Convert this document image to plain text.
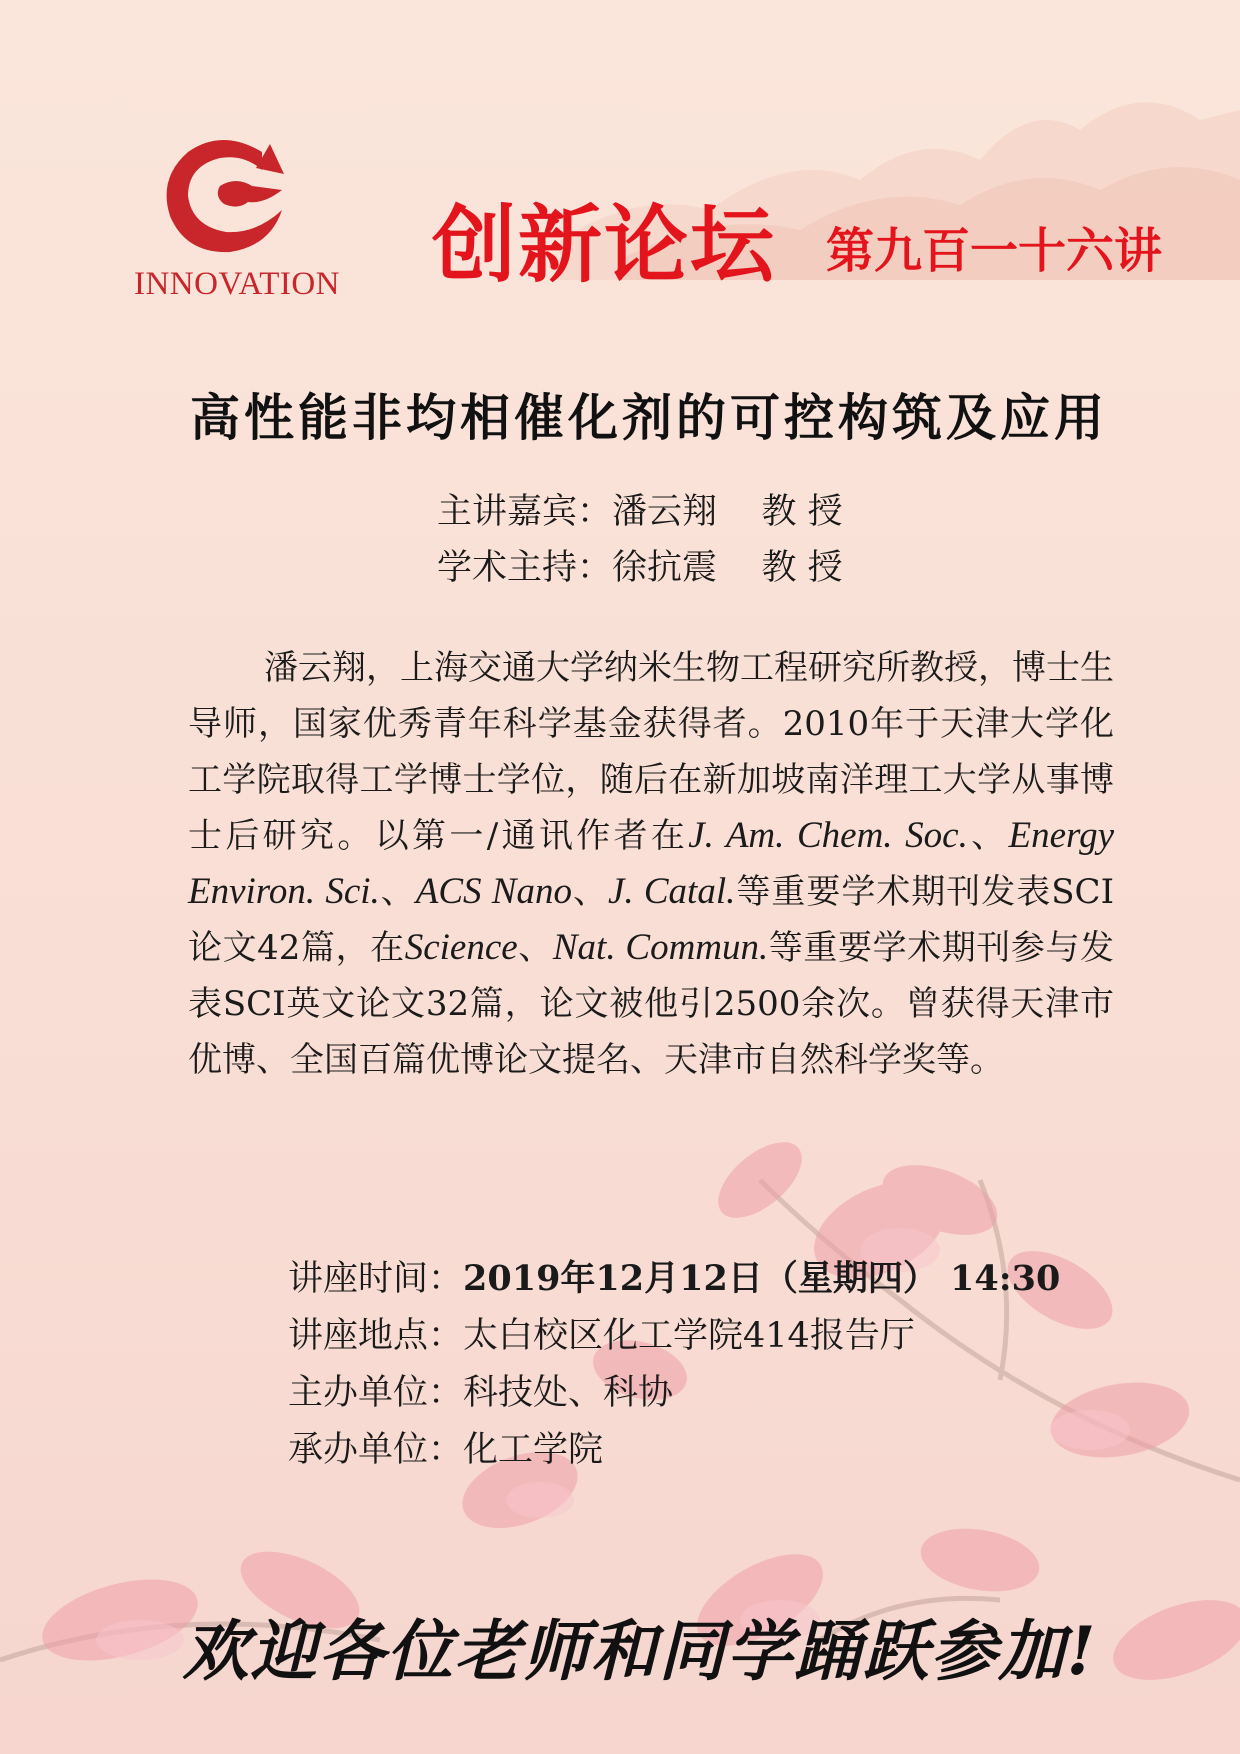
INNOVATION 创新论坛 第九百一十六讲
高性能非均相催化剂的可控构筑及应用
主讲嘉宾：潘云翔 教 授
学术主持：徐抗震 教 授
潘云翔，上海交通大学纳米生物工程研究所教授，博士生导师，国家优秀青年科学基金获得者。2010年于天津大学化工学院取得工学博士学位，随后在新加坡南洋理工大学从事博士后研究。以第一/通讯作者在J. Am. Chem. Soc.、Energy Environ. Sci.、ACS Nano、J. Catal.等重要学术期刊发表SCI论文42篇，在Science、Nat. Commun.等重要学术期刊参与发表SCI英文论文32篇，论文被他引2500余次。曾获得天津市优博、全国百篇优博论文提名、天津市自然科学奖等。
讲座时间：2019年12月12日（星期四） 14:30
讲座地点：太白校区化工学院414报告厅
主办单位：科技处、科协
承办单位：化工学院
欢迎各位老师和同学踊跃参加!
